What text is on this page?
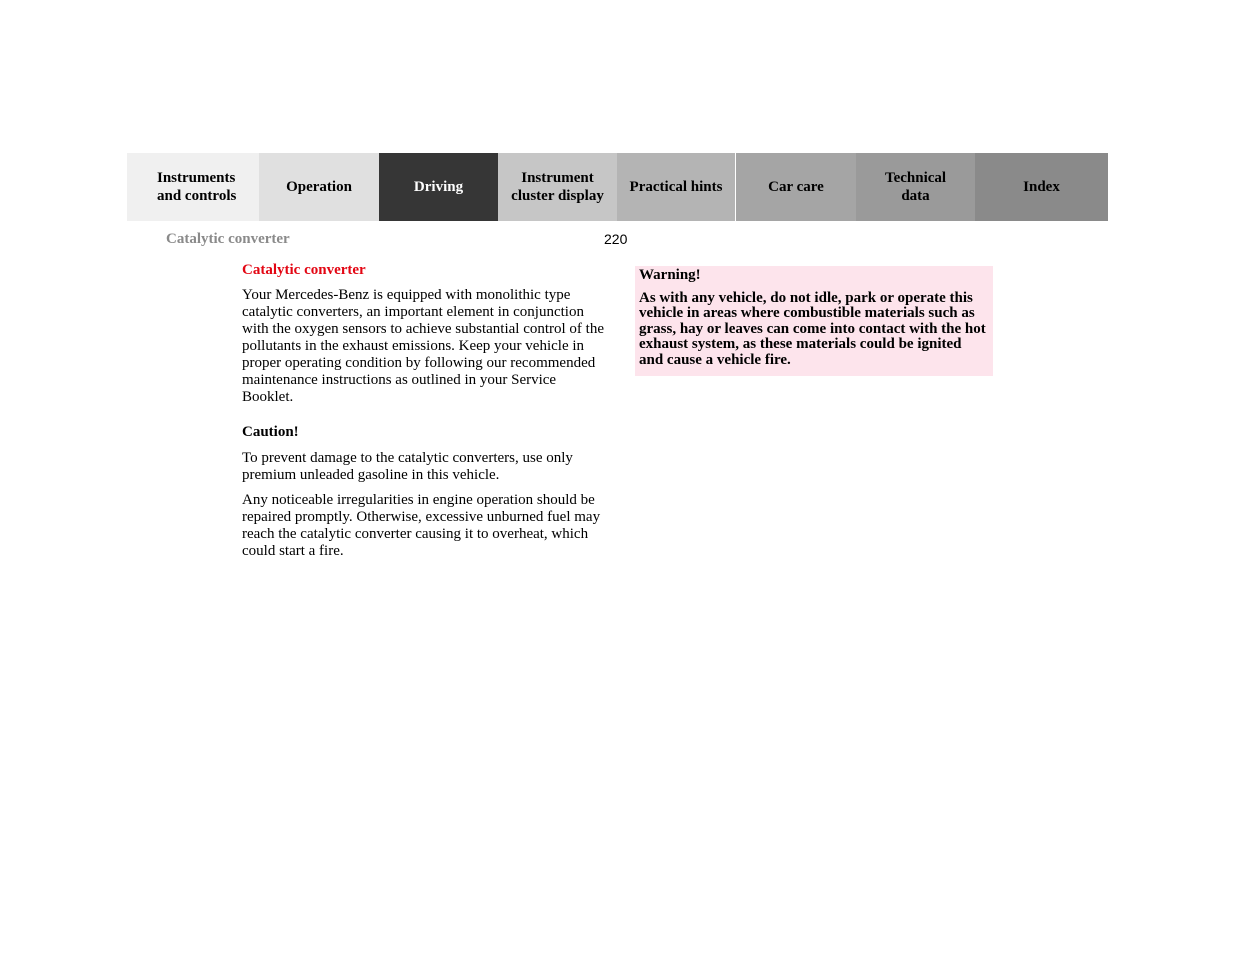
Instruments
and controls
Operation	Driving
Instrument
cluster display
Practical hints	Car care
Technical
data
Index
Catalytic converter	220
Catalytic converter

Your Mercedes-Benz is equipped with monolithic type catalytic converters, an important element in conjunction with the oxygen sensors to achieve substantial control of the pollutants in the exhaust emissions. Keep your vehicle in proper operating condition by following our recommended maintenance instructions as outlined in your Service Booklet.

Caution!

To prevent damage to the catalytic converters, use only premium unleaded gasoline in this vehicle.

Any noticeable irregularities in engine operation should be repaired promptly. Otherwise, excessive unburned fuel may reach the catalytic converter causing it to overheat, which could start a fire.

Warning!

As with any vehicle, do not idle, park or operate this vehicle in areas where combustible materials such as grass, hay or leaves can come into contact with the hot exhaust system, as these materials could be ignited and cause a vehicle fire.
